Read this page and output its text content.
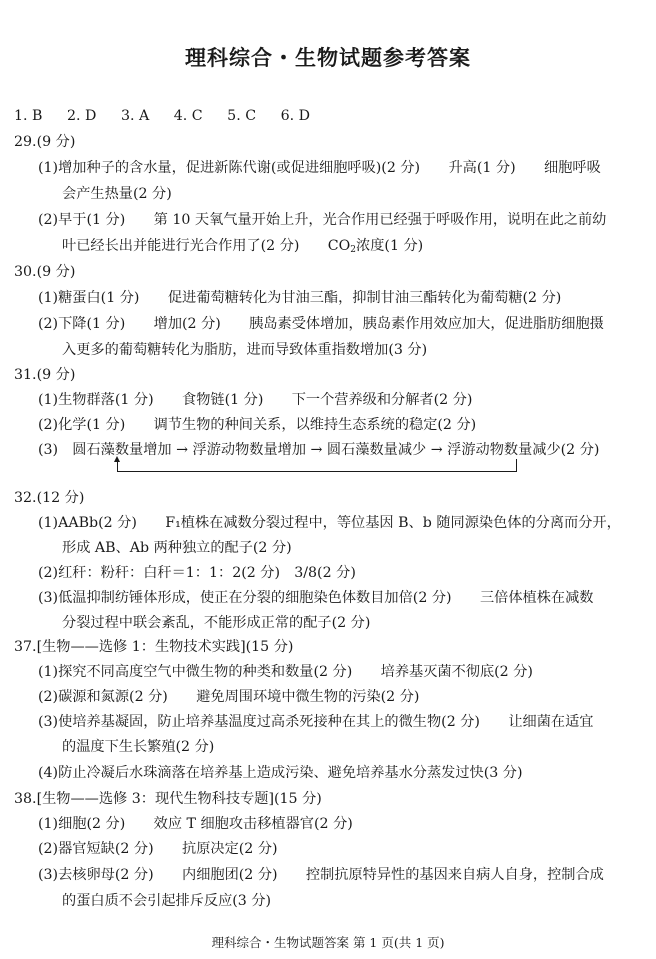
理科综合・生物试题参考答案
1. B 2. D 3. A 4. C 5. C 6. D
29.(9 分)
(1)增加种子的含水量，促进新陈代谢(或促进细胞呼吸)(2 分)　　升高(1 分)　　细胞呼吸
会产生热量(2 分)
(2)早于(1 分)　　第 10 天氧气量开始上升，光合作用已经强于呼吸作用，说明在此之前幼
叶已经长出并能进行光合作用了(2 分)　　$CO_2$浓度(1 分)
30.(9 分)
(1)糖蛋白(1 分)　　促进葡萄糖转化为甘油三酯，抑制甘油三酯转化为葡萄糖(2 分)
(2)下降(1 分)　　增加(2 分)　　胰岛素受体增加，胰岛素作用效应加大，促进脂肪细胞摄
入更多的葡萄糖转化为脂肪，进而导致体重指数增加(3 分)
31.(9 分)
(1)生物群落(1 分)　　食物链(1 分)　　下一个营养级和分解者(2 分)
(2)化学(1 分)　　调节生物的种间关系，以维持生态系统的稳定(2 分)
(3)　圆石藻数量增加 → 浮游动物数量增加 → 圆石藻数量减少 → 浮游动物数量减少(2 分)
32.(12 分)
(1)AABb(2 分)　　F₁植株在减数分裂过程中，等位基因 B、b 随同源染色体的分离而分开，
形成 AB、Ab 两种独立的配子(2 分)
(2)红秆：粉秆：白秆＝1：1：2(2 分)　3/8(2 分)
(3)低温抑制纺锤体形成，使正在分裂的细胞染色体数目加倍(2 分)　　三倍体植株在减数
分裂过程中联会紊乱，不能形成正常的配子(2 分)
37.[生物——选修 1：生物技术实践](15 分)
(1)探究不同高度空气中微生物的种类和数量(2 分)　　培养基灭菌不彻底(2 分)
(2)碳源和氮源(2 分)　　避免周围环境中微生物的污染(2 分)
(3)使培养基凝固，防止培养基温度过高杀死接种在其上的微生物(2 分)　　让细菌在适宜
的温度下生长繁殖(2 分)
(4)防止冷凝后水珠滴落在培养基上造成污染、避免培养基水分蒸发过快(3 分)
38.[生物——选修 3：现代生物科技专题](15 分)
(1)细胞(2 分)　　效应 T 细胞攻击移植器官(2 分)
(2)器官短缺(2 分)　　抗原决定(2 分)
(3)去核卵母(2 分)　　内细胞团(2 分)　　控制抗原特异性的基因来自病人自身，控制合成
的蛋白质不会引起排斥反应(3 分)
理科综合・生物试题答案 第 1 页(共 1 页)
